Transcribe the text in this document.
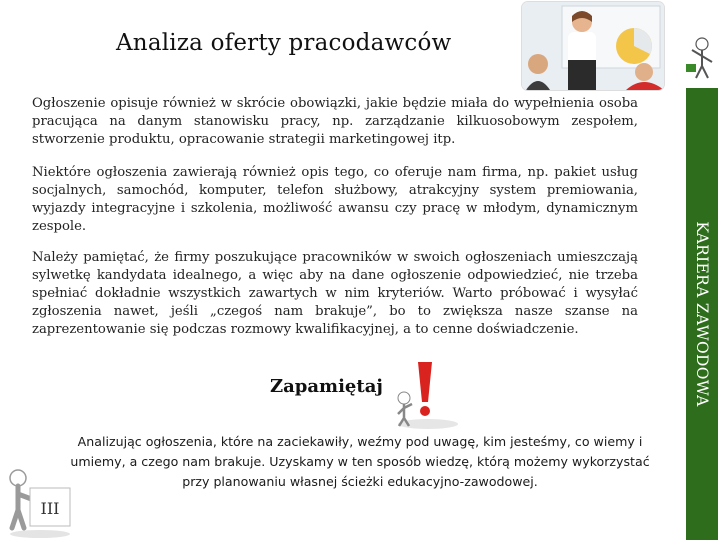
Analiza oferty pracodawców

Ogłoszenie opisuje również w skrócie obowiązki, jakie będzie miała do wypełnienia osoba pracująca na danym stanowisku pracy, np. zarządzanie kilkuosobowym zespołem, stworzenie produktu, opracowanie strategii marketingowej itp.

Niektóre ogłoszenia zawierają również opis tego, co oferuje nam firma, np. pakiet usług socjalnych, samochód, komputer, telefon służbowy, atrakcyjny system premiowania, wyjazdy integracyjne i szkolenia, możliwość awansu czy pracę w młodym, dynamicznym zespole.

Należy pamiętać, że firmy poszukujące pracowników w swoich ogłoszeniach umieszczają sylwetkę kandydata idealnego, a więc aby na dane ogłoszenie odpowiedzieć, nie trzeba spełniać dokładnie wszystkich zawartych w nim kryteriów. Warto próbować i wysyłać zgłoszenia nawet, jeśli „czegoś nam brakuje”, bo to zwiększa nasze szanse na zaprezentowanie się podczas rozmowy kwalifikacyjnej, a to cenne doświadczenie.

Zapamiętaj

Analizując ogłoszenia, które na zaciekawiły, weźmy pod uwagę, kim jesteśmy, co wiemy i umiemy, a czego nam brakuje. Uzyskamy w ten sposób wiedzę, którą możemy wykorzystać przy planowaniu własnej ścieżki edukacyjno-zawodowej.

III
KARIERA ZAWODOWA
